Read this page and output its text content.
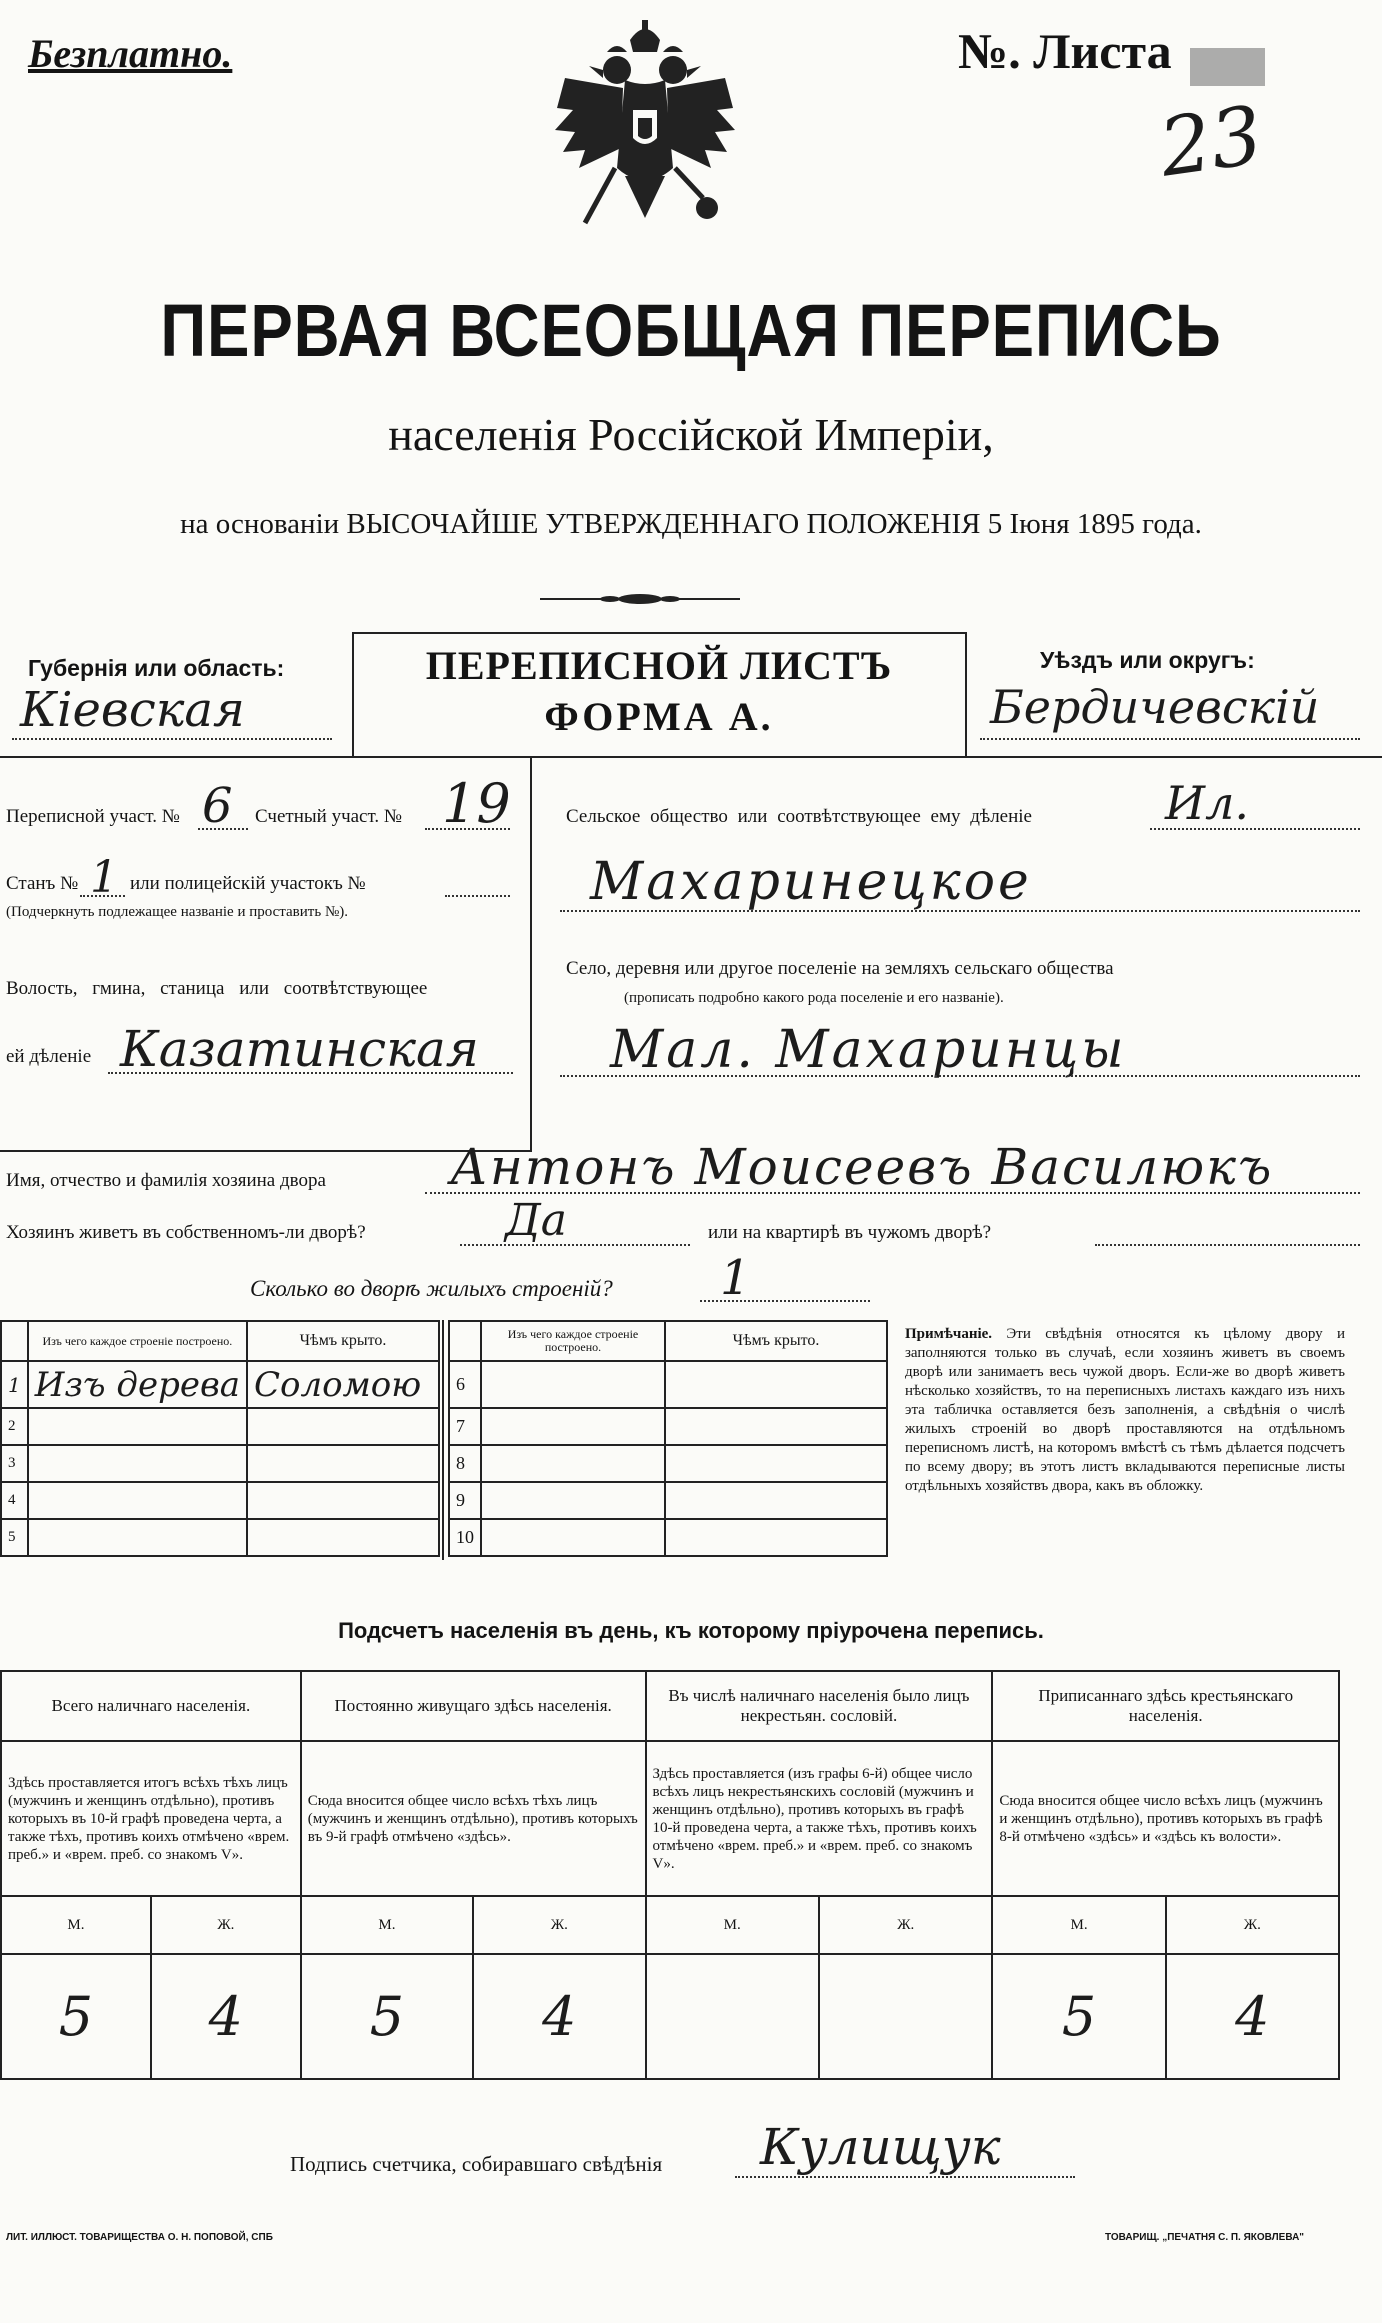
Безплатно.	№. Листа
23
ПЕРВАЯ ВСЕОБЩАЯ ПЕРЕПИСЬ
населенія Россійской Имперіи,
на основаніи ВЫСОЧАЙШЕ УТВЕРЖДЕННАГО ПОЛОЖЕНІЯ 5 Іюня 1895 года.
Губернія или область:
Кіевская
ПЕРЕПИСНОЙ ЛИСТЪ
ФОРМА А.
Уѣздъ или округъ:
Бердичевскій
Переписной участ. № 6 Счетный участ. № 19
Станъ № 1 или полицейскій участокъ №
(Подчеркнуть подлежащее названіе и проставить №).
Волость, гмина, станица или соотвѣтствующее
ей дѣленіе Казатинская
Сельское общество или соотвѣтствующее ему дѣленіе	Ил.
Махаринецкое
Село, деревня или другое поселеніе на земляхъ сельскаго общества
(прописать подробно какого рода поселеніе и его названіе).
Мал. Махаринцы
Имя, отчество и фамилія хозяина двора Антонъ Моисеевъ Василюкъ
Хозяинъ живетъ въ собственномъ-ли дворѣ?	Да	или на квартирѣ въ чужомъ дворѣ?
Сколько во дворѣ жилыхъ строеній? 1
	Изъ чего каждое строеніе построено.	Чѣмъ крыто.
1	Изъ дерева	Соломою
2		
3		
4		
5		
	Изъ чего каждое строеніе построено.	Чѣмъ крыто.
6		
7		
8		
9		
10		
Примѣчаніе. Эти свѣдѣнія относятся къ цѣлому двору и заполняются только въ случаѣ, если хозяинъ живетъ въ своемъ дворѣ или занимаетъ весь чужой дворъ. Если-же во дворѣ живетъ нѣсколько хозяйствъ, то на переписныхъ листахъ каждаго изъ нихъ эта табличка оставляется безъ заполненія, а свѣдѣнія о числѣ жилыхъ строеній во дворѣ проставляются на отдѣльномъ переписномъ листѣ, на которомъ вмѣстѣ съ тѣмъ дѣлается подсчетъ по всему двору; въ этотъ листъ вкладываются переписные листы отдѣльныхъ хозяйствъ двора, какъ въ обложку.
Подсчетъ населенія въ день, къ которому пріурочена перепись.
Всего наличнаго населенія.		Постоянно живущаго здѣсь населенія.		Въ числѣ наличнаго населенія было лицъ некрестьян. сословій.		Приписаннаго здѣсь крестьянскаго населенія.	
Здѣсь проставляется итогъ всѣхъ тѣхъ лицъ (мужчинъ и женщинъ отдѣльно), противъ которыхъ въ 10-й графѣ проведена черта, а также тѣхъ, противъ коихъ отмѣчено «врем. преб.» и «врем. преб. со знакомъ V».		Сюда вносится общее число всѣхъ тѣхъ лицъ (мужчинъ и женщинъ отдѣльно), противъ которыхъ въ 9-й графѣ отмѣчено «здѣсь».		Здѣсь проставляется (изъ графы 6-й) общее число всѣхъ лицъ некрестьянскихъ сословій (мужчинъ и женщинъ отдѣльно), противъ которыхъ въ графѣ 10-й проведена черта, а также тѣхъ, противъ коихъ отмѣчено «врем. преб.» и «врем. преб. со знакомъ V».		Сюда вносится общее число всѣхъ лицъ (мужчинъ и женщинъ отдѣльно), противъ которыхъ въ графѣ 8-й отмѣчено «здѣсь» и «здѣсь къ волости».	
М.	Ж.	М.	Ж.	М.	Ж.	М.	Ж.
5	4	5	4			5	4
Подпись счетчика, собиравшаго свѣдѣнія Кулищук
ЛИТ. ИЛЛЮСТ. ТОВАРИЩЕСТВА О. Н. ПОПОВОЙ, СПБ	ТОВАРИЩ. „ПЕЧАТНЯ С. П. ЯКОВЛЕВА"
